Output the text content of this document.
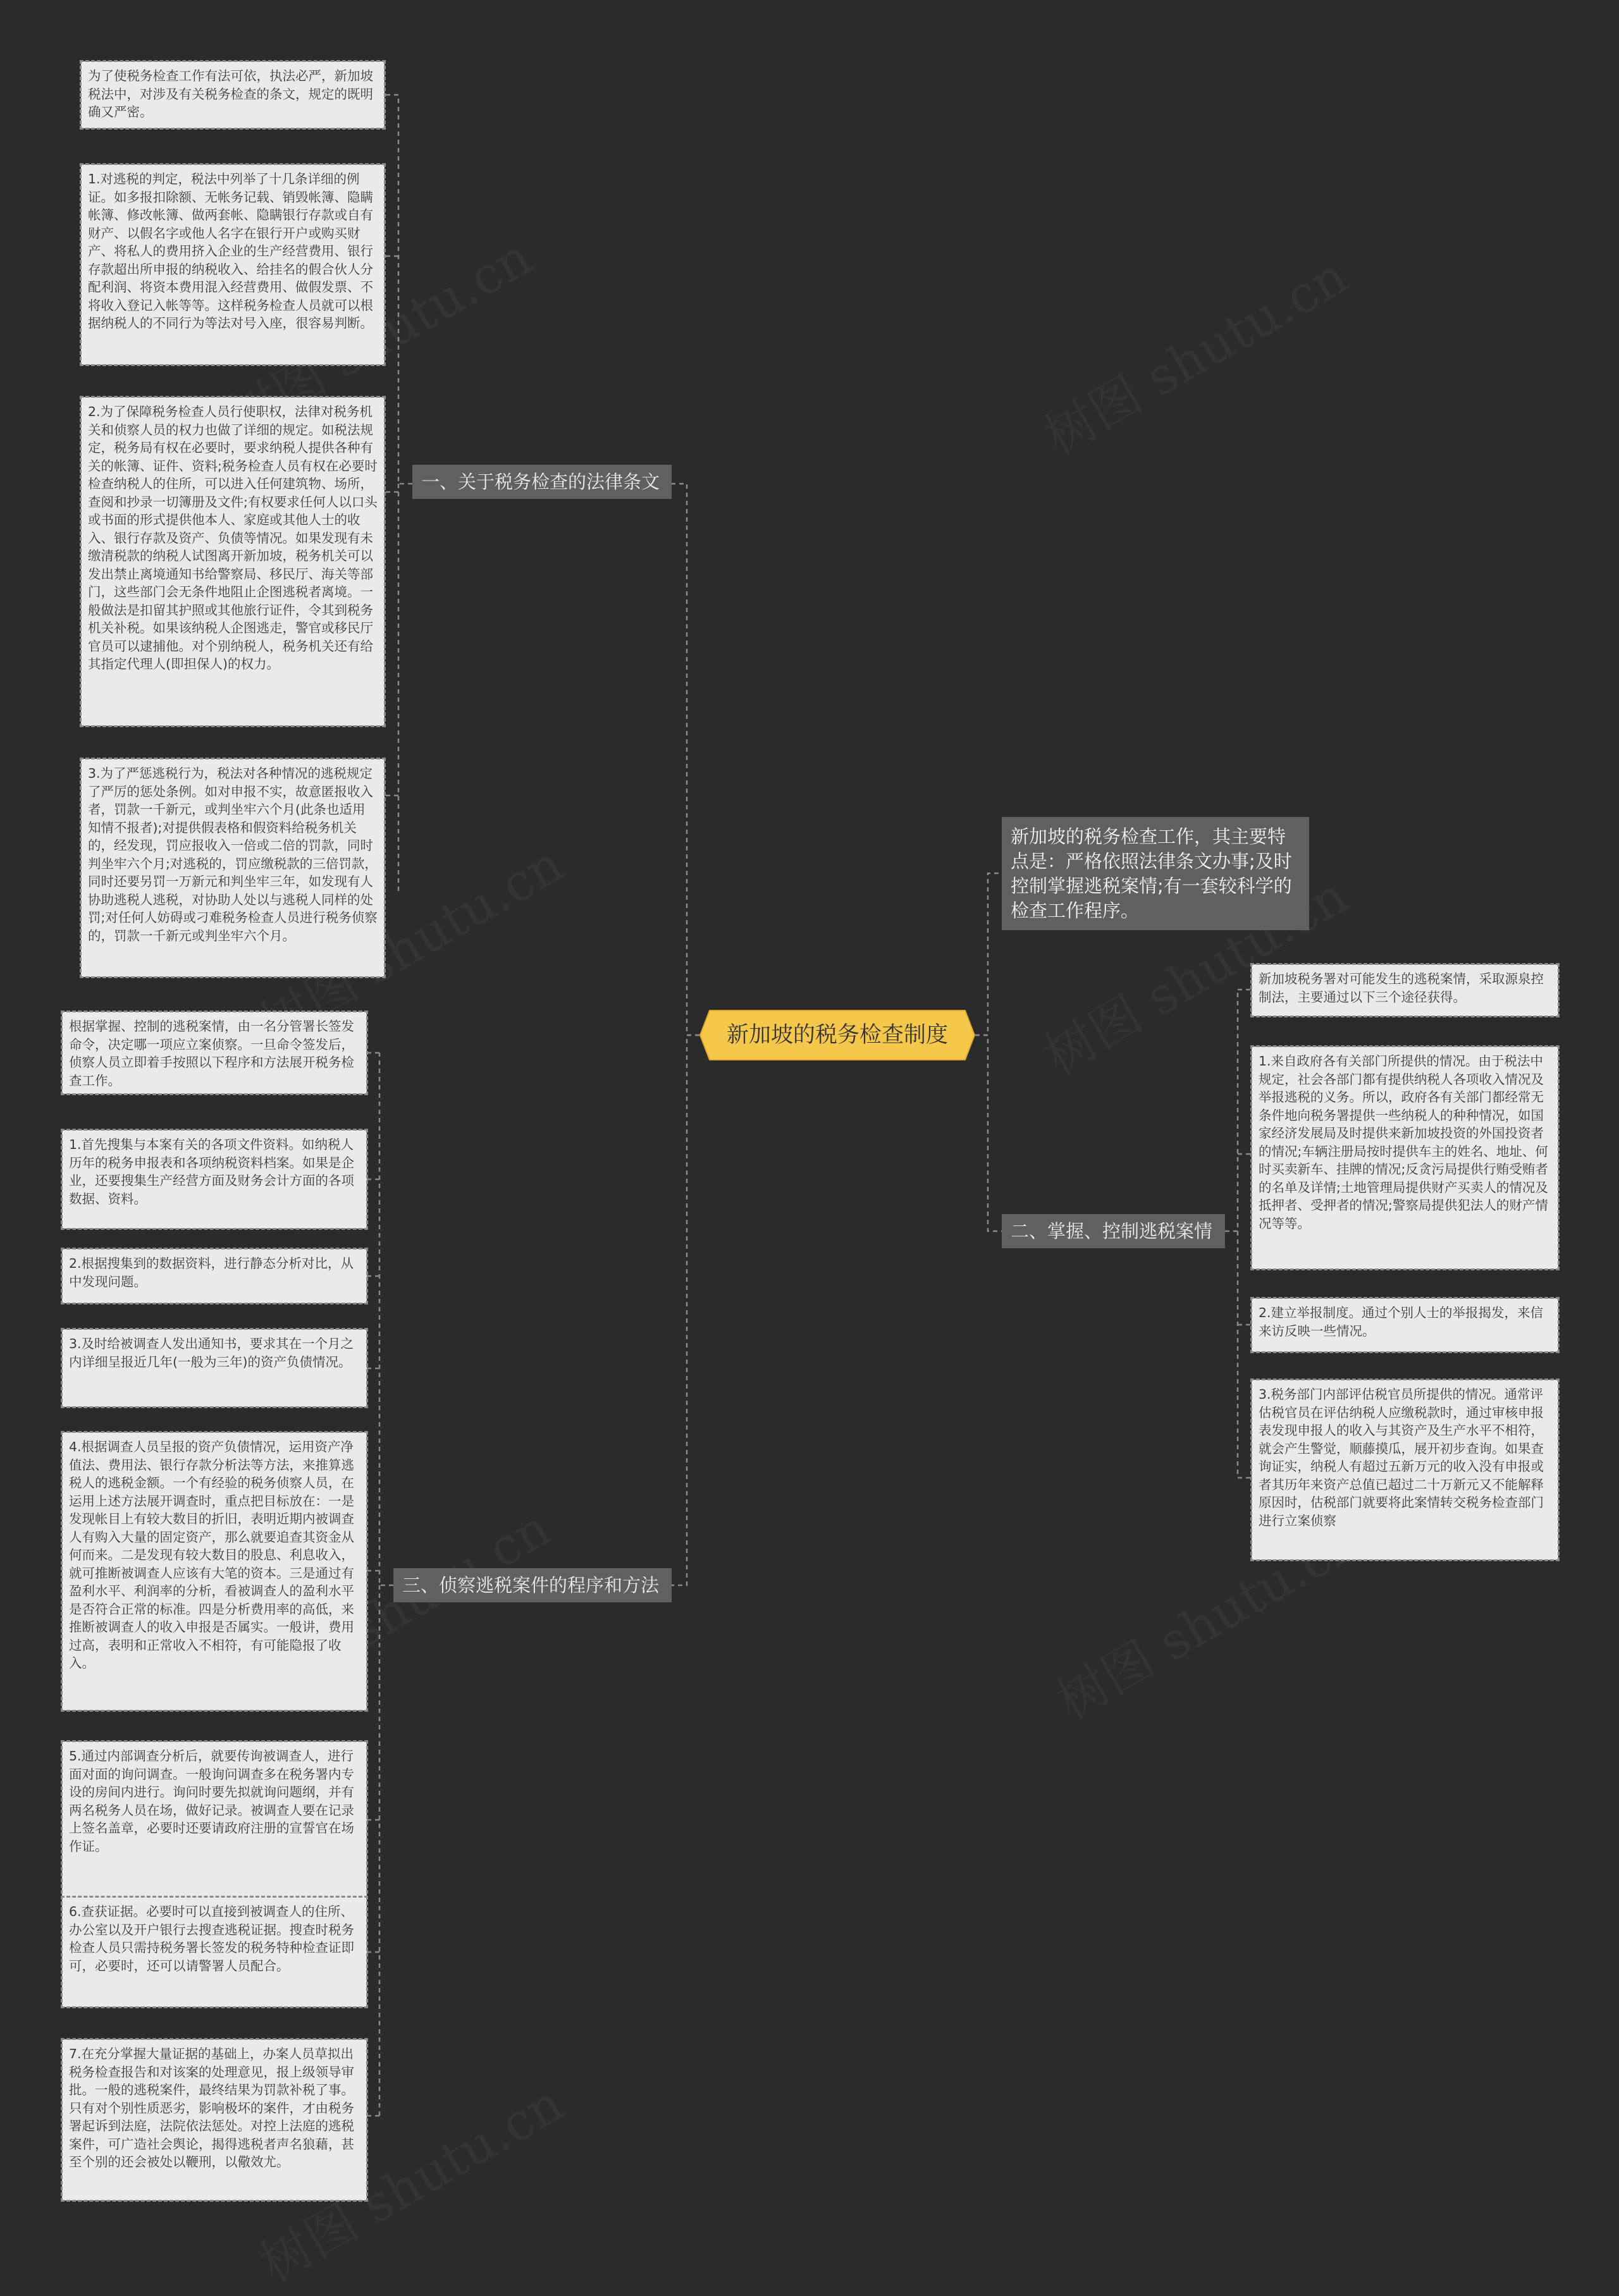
新加坡的税务检查制度
一、关于税务检查的法律条文
三、侦察逃税案件的程序和方法
二、掌握、控制逃税案情
新加坡的税务检查工作，其主要特点是：严格依照法律条文办事;及时控制掌握逃税案情;有一套较科学的检查工作程序。
为了使税务检查工作有法可依，执法必严，新加坡税法中，对涉及有关税务检查的条文，规定的既明确又严密。
1.对逃税的判定，税法中列举了十几条详细的例证。如多报扣除额、无帐务记载、销毁帐簿、隐瞒帐簿、修改帐簿、做两套帐、隐瞒银行存款或自有财产、以假名字或他人名字在银行开户或购买财产、将私人的费用挤入企业的生产经营费用、银行存款超出所申报的纳税收入、给挂名的假合伙人分配利润、将资本费用混入经营费用、做假发票、不将收入登记入帐等等。这样税务检查人员就可以根据纳税人的不同行为等法对号入座，很容易判断。
2.为了保障税务检查人员行使职权，法律对税务机关和侦察人员的权力也做了详细的规定。如税法规定，税务局有权在必要时，要求纳税人提供各种有关的帐簿、证件、资料;税务检查人员有权在必要时检查纳税人的住所，可以进入任何建筑物、场所，查阅和抄录一切簿册及文件;有权要求任何人以口头或书面的形式提供他本人、家庭或其他人士的收入、银行存款及资产、负债等情况。如果发现有未缴清税款的纳税人试图离开新加坡，税务机关可以发出禁止离境通知书给警察局、移民厅、海关等部门，这些部门会无条件地阻止企图逃税者离境。一般做法是扣留其护照或其他旅行证件，令其到税务机关补税。如果该纳税人企图逃走，警官或移民厅官员可以逮捕他。对个别纳税人，税务机关还有给其指定代理人(即担保人)的权力。
3.为了严惩逃税行为，税法对各种情况的逃税规定了严厉的惩处条例。如对申报不实，故意匿报收入者，罚款一千新元，或判坐牢六个月(此条也适用知情不报者);对提供假表格和假资料给税务机关的，经发现，罚应报收入一倍或二倍的罚款，同时判坐牢六个月;对逃税的，罚应缴税款的三倍罚款，同时还要另罚一万新元和判坐牢三年，如发现有人协助逃税人逃税，对协助人处以与逃税人同样的处罚;对任何人妨碍或刁难税务检查人员进行税务侦察的，罚款一千新元或判坐牢六个月。
根据掌握、控制的逃税案情，由一名分管署长签发命令，决定哪一项应立案侦察。一旦命令签发后，侦察人员立即着手按照以下程序和方法展开税务检查工作。
1.首先搜集与本案有关的各项文件资料。如纳税人历年的税务申报表和各项纳税资料档案。如果是企业，还要搜集生产经营方面及财务会计方面的各项数据、资料。
2.根据搜集到的数据资料，进行静态分析对比，从中发现问题。
3.及时给被调查人发出通知书，要求其在一个月之内详细呈报近几年(一般为三年)的资产负债情况。
4.根据调查人员呈报的资产负债情况，运用资产净值法、费用法、银行存款分析法等方法，来推算逃税人的逃税金额。一个有经验的税务侦察人员，在运用上述方法展开调查时，重点把目标放在：一是发现帐目上有较大数目的折旧，表明近期内被调查人有购入大量的固定资产，那么就要追查其资金从何而来。二是发现有较大数目的股息、利息收入，就可推断被调查人应该有大笔的资本。三是通过有盈利水平、利润率的分析，看被调查人的盈利水平是否符合正常的标准。四是分析费用率的高低，来推断被调查人的收入申报是否属实。一般讲，费用过高，表明和正常收入不相符，有可能隐报了收入。
5.通过内部调查分析后，就要传询被调查人，进行面对面的询问调查。一般询问调查多在税务署内专设的房间内进行。询问时要先拟就询问题纲，并有两名税务人员在场，做好记录。被调查人要在记录上签名盖章，必要时还要请政府注册的宣誓官在场作证。
6.查获证据。必要时可以直接到被调查人的住所、办公室以及开户银行去搜查逃税证据。搜查时税务检查人员只需持税务署长签发的税务特种检查证即可，必要时，还可以请警署人员配合。
7.在充分掌握大量证据的基础上，办案人员草拟出税务检查报告和对该案的处理意见，报上级领导审批。一般的逃税案件，最终结果为罚款补税了事。只有对个别性质恶劣，影响极坏的案件，才由税务署起诉到法庭，法院依法惩处。对控上法庭的逃税案件，可广造社会舆论，揭得逃税者声名狼藉，甚至个别的还会被处以鞭刑，以儆效尤。
新加坡税务署对可能发生的逃税案情，采取源泉控制法，主要通过以下三个途径获得。
1.来自政府各有关部门所提供的情况。由于税法中规定，社会各部门都有提供纳税人各项收入情况及举报逃税的义务。所以，政府各有关部门都经常无条件地向税务署提供一些纳税人的种种情况，如国家经济发展局及时提供来新加坡投资的外国投资者的情况;车辆注册局按时提供车主的姓名、地址、何时买卖新车、挂牌的情况;反贪污局提供行贿受贿者的名单及详情;土地管理局提供财产买卖人的情况及抵押者、受押者的情况;警察局提供犯法人的财产情况等等。
2.建立举报制度。通过个别人士的举报揭发，来信来访反映一些情况。
3.税务部门内部评估税官员所提供的情况。通常评估税官员在评估纳税人应缴税款时，通过审核申报表发现申报人的收入与其资产及生产水平不相符，就会产生警觉，顺藤摸瓜，展开初步查询。如果查询证实，纳税人有超过五新万元的收入没有申报或者其历年来资产总值已超过二十万新元又不能解释原因时，估税部门就要将此案情转交税务检查部门进行立案侦察
